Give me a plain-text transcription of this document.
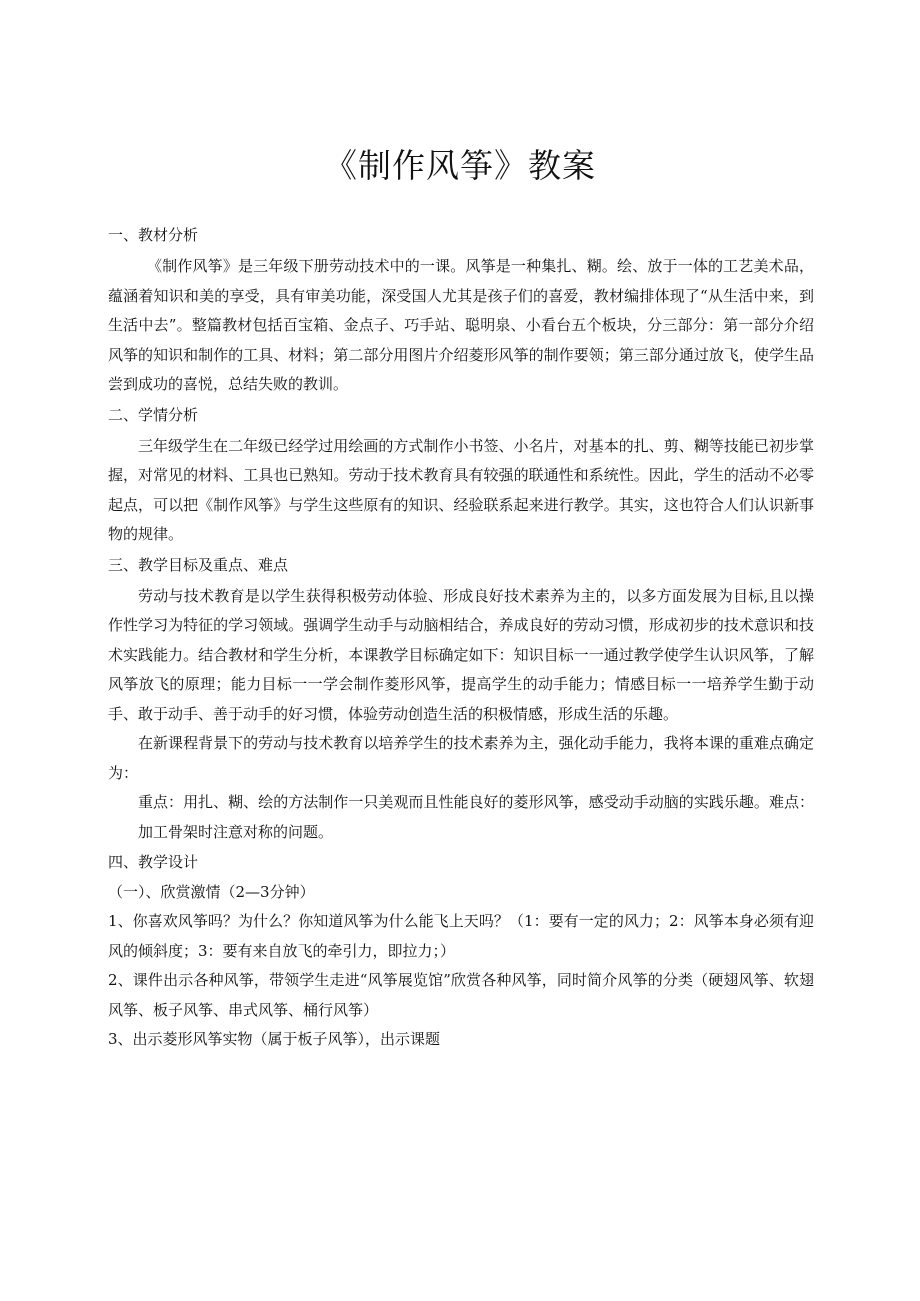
《制作风筝》教案

一、教材分析

《制作风筝》是三年级下册劳动技术中的一课。风筝是一种集扎、糊。绘、放于一体的工艺美术品，蕴涵着知识和美的享受，具有审美功能，深受国人尤其是孩子们的喜爱，教材编排体现了“从生活中来，到生活中去”。整篇教材包括百宝箱、金点子、巧手站、聪明泉、小看台五个板块，分三部分：第一部分介绍风筝的知识和制作的工具、材料；第二部分用图片介绍菱形风筝的制作要领；第三部分通过放飞，使学生品尝到成功的喜悦，总结失败的教训。

二、学情分析

三年级学生在二年级已经学过用绘画的方式制作小书签、小名片，对基本的扎、剪、糊等技能已初步掌握，对常见的材料、工具也已熟知。劳动于技术教育具有较强的联通性和系统性。因此，学生的活动不必零起点，可以把《制作风筝》与学生这些原有的知识、经验联系起来进行教学。其实，这也符合人们认识新事物的规律。

三、教学目标及重点、难点

劳动与技术教育是以学生获得积极劳动体验、形成良好技术素养为主的，以多方面发展为目标,且以操作性学习为特征的学习领域。强调学生动手与动脑相结合，养成良好的劳动习惯，形成初步的技术意识和技术实践能力。结合教材和学生分析，本课教学目标确定如下：知识目标一一通过教学使学生认识风筝，了解风筝放飞的原理；能力目标一一学会制作菱形风筝，提高学生的动手能力；情感目标一一培养学生勤于动手、敢于动手、善于动手的好习惯，体验劳动创造生活的积极情感，形成生活的乐趣。

在新课程背景下的劳动与技术教育以培养学生的技术素养为主，强化动手能力，我将本课的重难点确定为：

重点：用扎、糊、绘的方法制作一只美观而且性能良好的菱形风筝，感受动手动脑的实践乐趣。难点：加工骨架时注意对称的问题。

四、教学设计

（一）、欣赏激情（2—3分钟）

1、你喜欢风筝吗？为什么？你知道风筝为什么能飞上天吗？（1：要有一定的风力；2：风筝本身必须有迎风的倾斜度；3：要有来自放飞的牵引力，即拉力；）

2、课件出示各种风筝，带领学生走进“风筝展览馆”欣赏各种风筝，同时简介风筝的分类（硬翅风筝、软翅风筝、板子风筝、串式风筝、桶行风筝）

3、出示菱形风筝实物（属于板子风筝），出示课题
